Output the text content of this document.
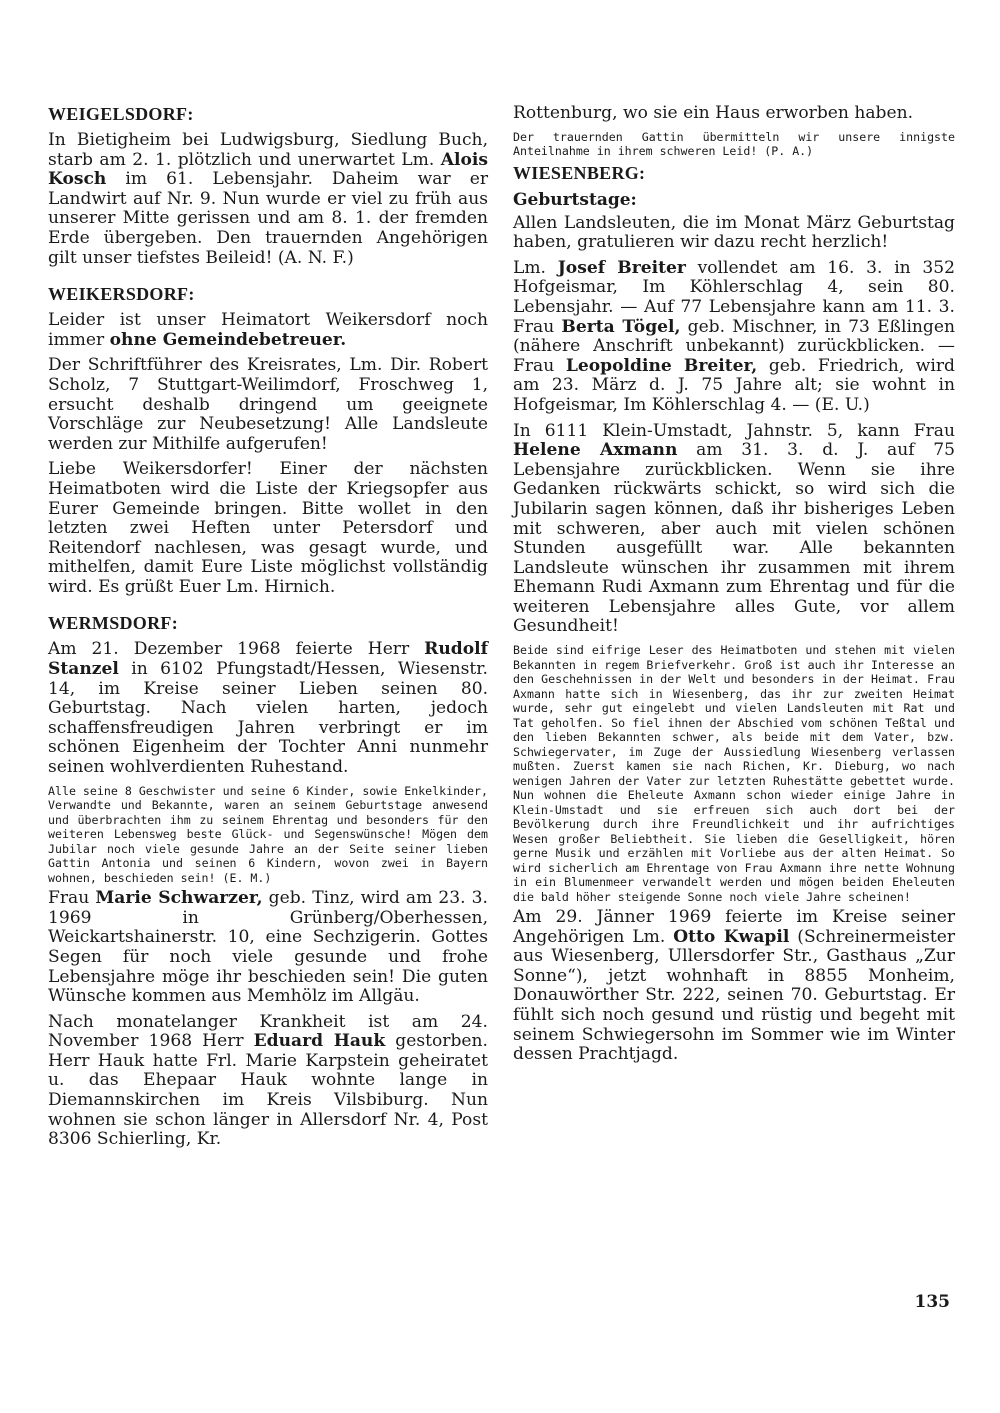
WEIGELSDORF:

In Bietigheim bei Ludwigsburg, Siedlung Buch, starb am 2. 1. plötzlich und unerwartet Lm. Alois Kosch im 61. Lebensjahr. Daheim war er Landwirt auf Nr. 9. Nun wurde er viel zu früh aus unserer Mitte gerissen und am 8. 1. der fremden Erde übergeben. Den trauernden Angehörigen gilt unser tiefstes Beileid! (A. N. F.)

WEIKERSDORF:

Leider ist unser Heimatort Weikersdorf noch immer ohne Gemeindebetreuer.

Der Schriftführer des Kreisrates, Lm. Dir. Robert Scholz, 7 Stuttgart-Weilimdorf, Froschweg 1, ersucht deshalb dringend um geeignete Vorschläge zur Neubesetzung! Alle Landsleute werden zur Mithilfe aufgerufen!

Liebe Weikersdorfer! Einer der nächsten Heimatboten wird die Liste der Kriegsopfer aus Eurer Gemeinde bringen. Bitte wollet in den letzten zwei Heften unter Petersdorf und Reitendorf nachlesen, was gesagt wurde, und mithelfen, damit Eure Liste möglichst vollständig wird. Es grüßt Euer Lm. Hirnich.

WERMSDORF:

Am 21. Dezember 1968 feierte Herr Rudolf Stanzel in 6102 Pfungstadt/Hessen, Wiesenstr. 14, im Kreise seiner Lieben seinen 80. Geburtstag. Nach vielen harten, jedoch schaffensfreudigen Jahren verbringt er im schönen Eigenheim der Tochter Anni nunmehr seinen wohlverdienten Ruhestand.

Alle seine 8 Geschwister und seine 6 Kinder, sowie Enkelkinder, Verwandte und Bekannte, waren an seinem Geburtstage anwesend und überbrachten ihm zu seinem Ehrentag und besonders für den weiteren Lebensweg beste Glück- und Segenswünsche! Mögen dem Jubilar noch viele gesunde Jahre an der Seite seiner lieben Gattin Antonia und seinen 6 Kindern, wovon zwei in Bayern wohnen, beschieden sein! (E. M.)

Frau Marie Schwarzer, geb. Tinz, wird am 23. 3. 1969 in Grünberg/Oberhessen, Weickartshainerstr. 10, eine Sechzigerin. Gottes Segen für noch viele gesunde und frohe Lebensjahre möge ihr beschieden sein! Die guten Wünsche kommen aus Memhölz im Allgäu.

Nach monatelanger Krankheit ist am 24. November 1968 Herr Eduard Hauk gestorben. Herr Hauk hatte Frl. Marie Karpstein geheiratet u. das Ehepaar Hauk wohnte lange in Diemannskirchen im Kreis Vilsbiburg. Nun wohnen sie schon länger in Allersdorf Nr. 4, Post 8306 Schierling, Kr.

Rottenburg, wo sie ein Haus erworben haben.

Der trauernden Gattin übermitteln wir unsere innigste Anteilnahme in ihrem schweren Leid! (P. A.)

WIESENBERG:
Geburtstage:

Allen Landsleuten, die im Monat März Geburtstag haben, gratulieren wir dazu recht herzlich!

Lm. Josef Breiter vollendet am 16. 3. in 352 Hofgeismar, Im Köhlerschlag 4, sein 80. Lebensjahr. — Auf 77 Lebensjahre kann am 11. 3. Frau Berta Tögel, geb. Mischner, in 73 Eßlingen (nähere Anschrift unbekannt) zurückblicken. — Frau Leopoldine Breiter, geb. Friedrich, wird am 23. März d. J. 75 Jahre alt; sie wohnt in Hofgeismar, Im Köhlerschlag 4. — (E. U.)

In 6111 Klein-Umstadt, Jahnstr. 5, kann Frau Helene Axmann am 31. 3. d. J. auf 75 Lebensjahre zurückblicken. Wenn sie ihre Gedanken rückwärts schickt, so wird sich die Jubilarin sagen können, daß ihr bisheriges Leben mit schweren, aber auch mit vielen schönen Stunden ausgefüllt war. Alle bekannten Landsleute wünschen ihr zusammen mit ihrem Ehemann Rudi Axmann zum Ehrentag und für die weiteren Lebensjahre alles Gute, vor allem Gesundheit!

Beide sind eifrige Leser des Heimatboten und stehen mit vielen Bekannten in regem Briefverkehr. Groß ist auch ihr Interesse an den Geschehnissen in der Welt und besonders in der Heimat. Frau Axmann hatte sich in Wiesenberg, das ihr zur zweiten Heimat wurde, sehr gut eingelebt und vielen Landsleuten mit Rat und Tat geholfen. So fiel ihnen der Abschied vom schönen Teßtal und den lieben Bekannten schwer, als beide mit dem Vater, bzw. Schwiegervater, im Zuge der Aussiedlung Wiesenberg verlassen mußten. Zuerst kamen sie nach Richen, Kr. Dieburg, wo nach wenigen Jahren der Vater zur letzten Ruhestätte gebettet wurde. Nun wohnen die Eheleute Axmann schon wieder einige Jahre in Klein-Umstadt und sie erfreuen sich auch dort bei der Bevölkerung durch ihre Freundlichkeit und ihr aufrichtiges Wesen großer Beliebtheit. Sie lieben die Geselligkeit, hören gerne Musik und erzählen mit Vorliebe aus der alten Heimat. So wird sicherlich am Ehrentage von Frau Axmann ihre nette Wohnung in ein Blumenmeer verwandelt werden und mögen beiden Eheleuten die bald höher steigende Sonne noch viele Jahre scheinen!

Am 29. Jänner 1969 feierte im Kreise seiner Angehörigen Lm. Otto Kwapil (Schreinermeister aus Wiesenberg, Ullersdorfer Str., Gasthaus „Zur Sonne“), jetzt wohnhaft in 8855 Monheim, Donauwörther Str. 222, seinen 70. Geburtstag. Er fühlt sich noch gesund und rüstig und begeht mit seinem Schwiegersohn im Sommer wie im Winter dessen Prachtjagd.

135
